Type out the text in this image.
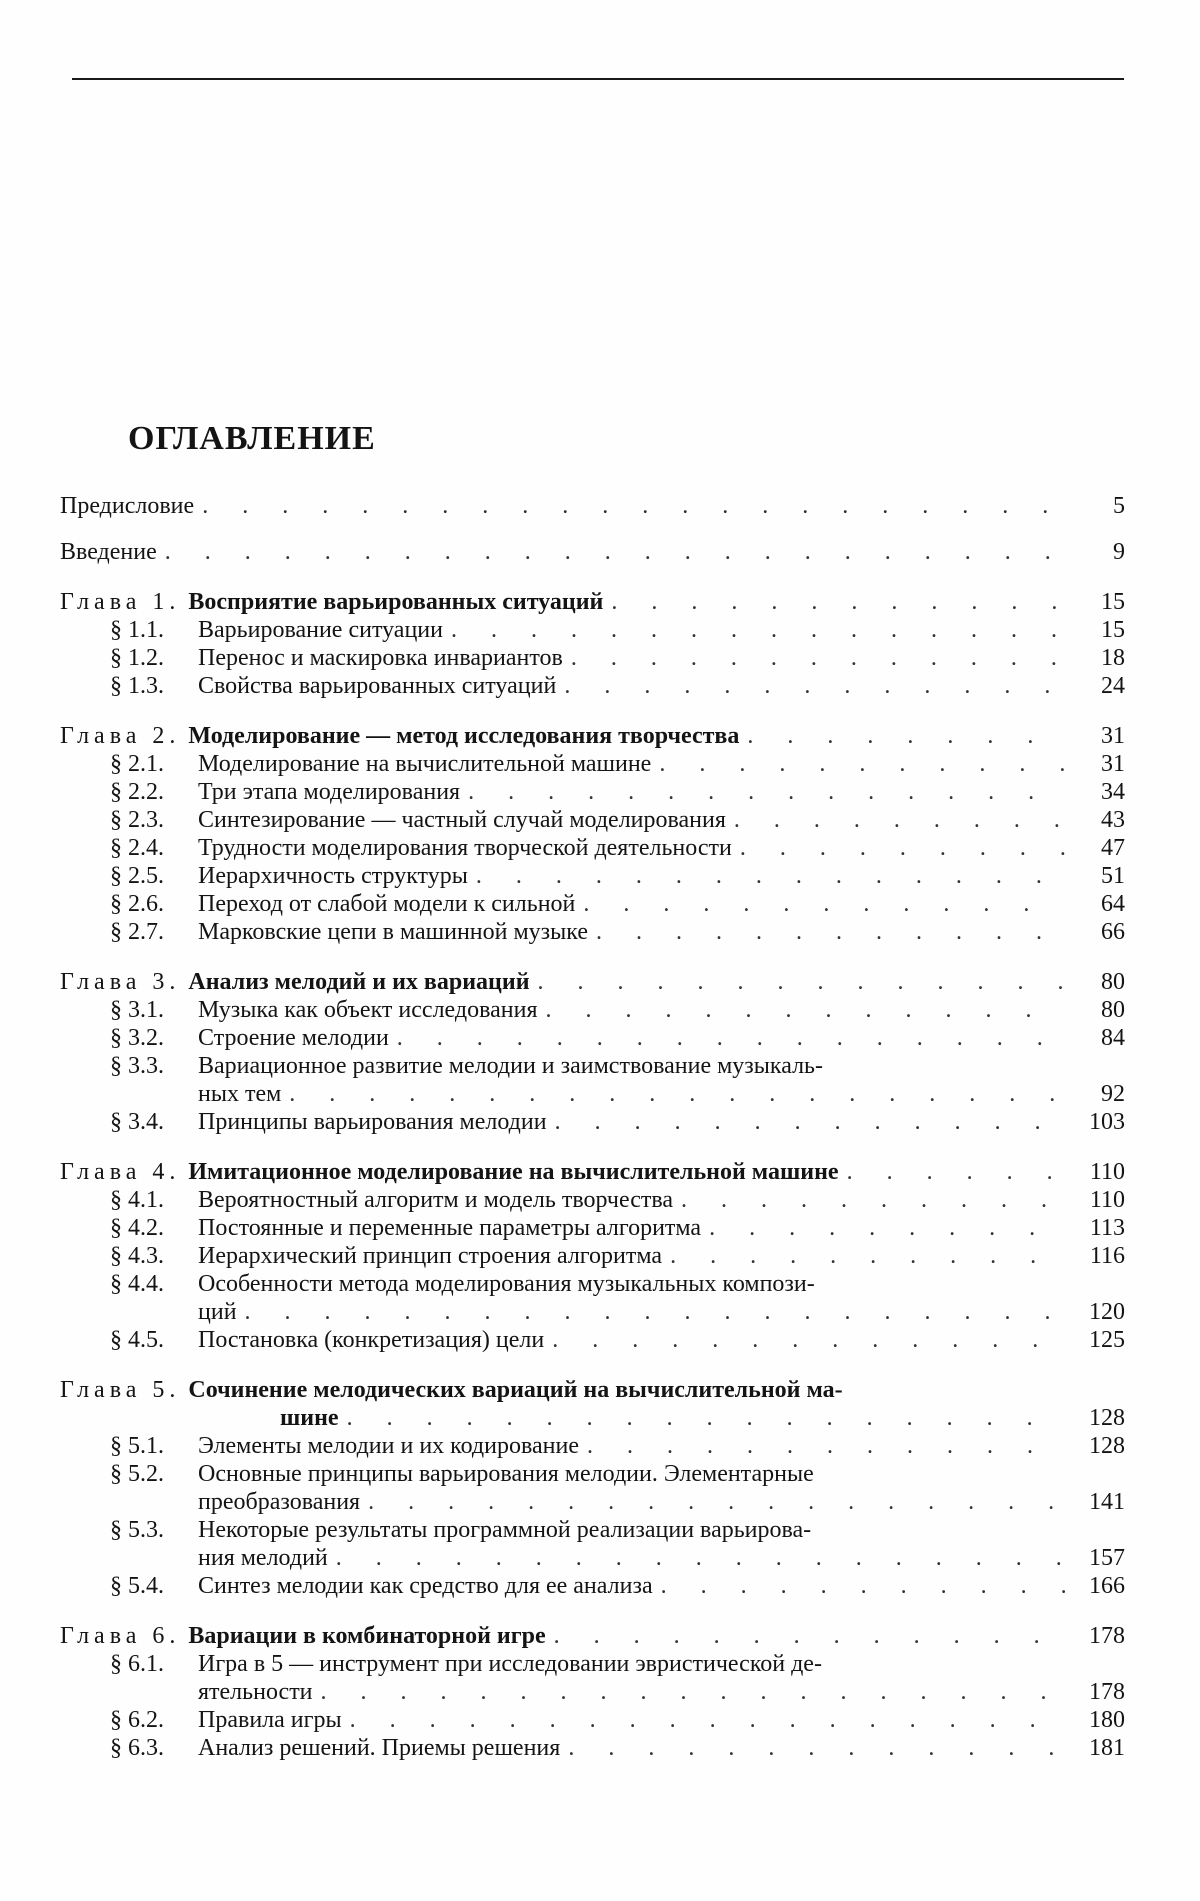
ОГЛАВЛЕНИЕ
Предисловие . . .	5
Введение . . .	9
Глава 1. Восприятие варьированных ситуаций . . .	15
§ 1.1.	Варьирование ситуации . . .	15
§ 1.2.	Перенос и маскировка инвариантов . . .	18
§ 1.3.	Свойства варьированных ситуаций . . .	24
Глава 2. Моделирование — метод исследования творчества . . .	31
§ 2.1.	Моделирование на вычислительной машине . . .	31
§ 2.2.	Три этапа моделирования . . .	34
§ 2.3.	Синтезирование — частный случай моделирования . . .	43
§ 2.4.	Трудности моделирования творческой деятельности . . .	47
§ 2.5.	Иерархичность структуры . . .	51
§ 2.6.	Переход от слабой модели к сильной . . .	64
§ 2.7.	Марковские цепи в машинной музыке . . .	66
Глава 3. Анализ мелодий и их вариаций . . .	80
§ 3.1.	Музыка как объект исследования . . .	80
§ 3.2.	Строение мелодии . . .	84
§ 3.3. Вариационное развитие мелодии и заимствование музыкаль-
ных тем . . .	92
§ 3.4.	Принципы варьирования мелодии . . .	103
Глава 4. Имитационное моделирование на вычислительной машине . . .	110
§ 4.1.	Вероятностный алгоритм и модель творчества . . .	110
§ 4.2.	Постоянные и переменные параметры алгоритма . . .	113
§ 4.3.	Иерархический принцип строения алгоритма . . .	116
§ 4.4. Особенности метода моделирования музыкальных компози-
ций . . .	120
§ 4.5.	Постановка (конкретизация) цели . . .	125
Глава 5. Сочинение мелодических вариаций на вычислительной ма-
шине . . .	128
§ 5.1.	Элементы мелодии и их кодирование . . .	128
§ 5.2. Основные принципы варьирования мелодии. Элементарные
преобразования . . .	141
§ 5.3. Некоторые результаты программной реализации варьирова-
ния мелодий . . .	157
§ 5.4.	Синтез мелодии как средство для ее анализа . . .	166
Глава 6. Вариации в комбинаторной игре . . .	178
§ 6.1. Игра в 5 — инструмент при исследовании эвристической де-
ятельности . . .	178
§ 6.2.	Правила игры . . .	180
§ 6.3.	Анализ решений. Приемы решения . . .	181
